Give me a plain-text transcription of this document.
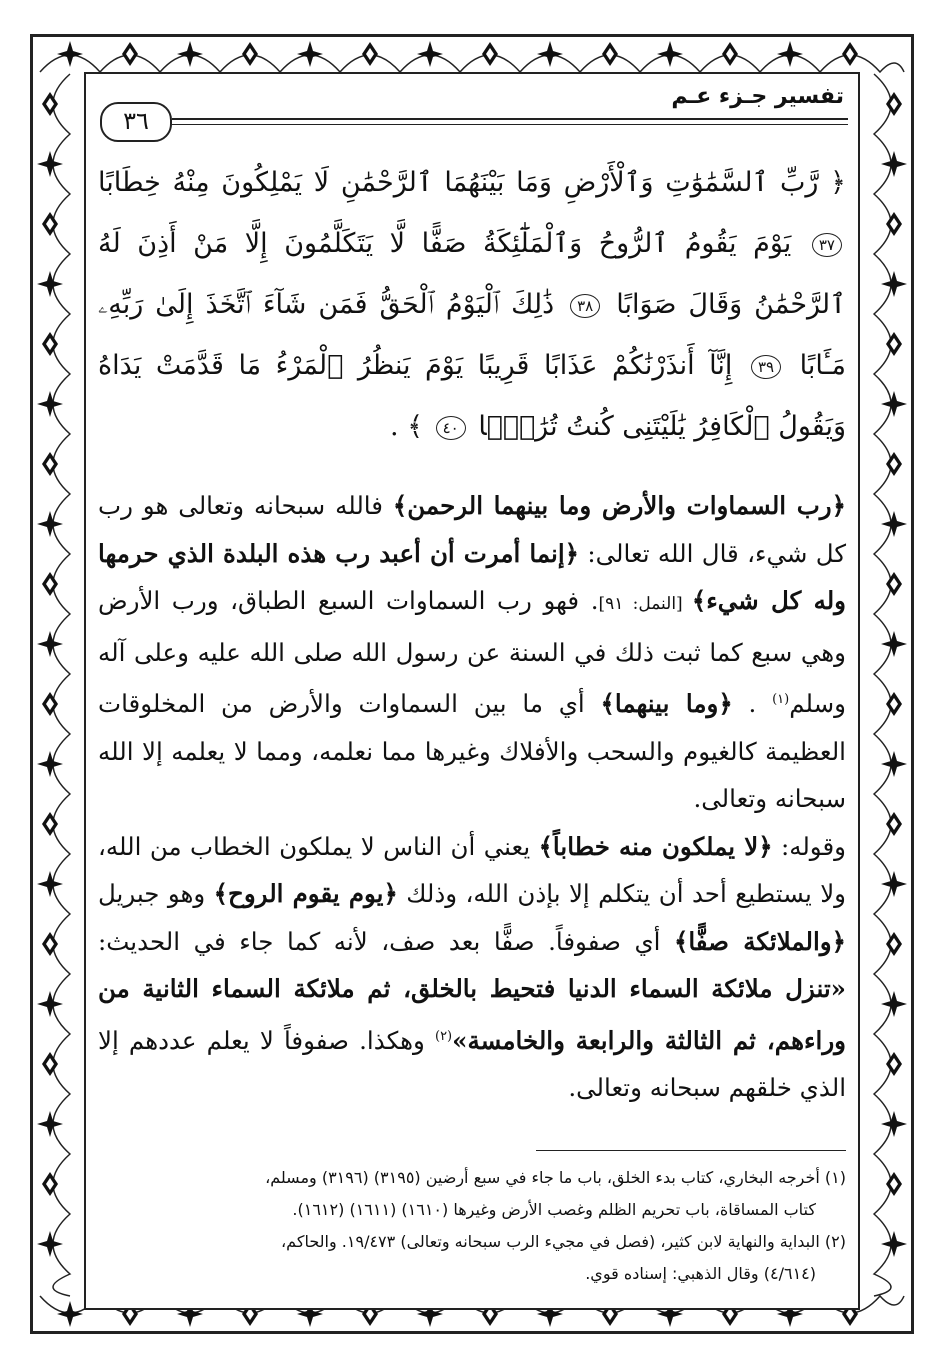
تفسير جـزء عـم
٣٦

﴿ رَّبِّ ٱلسَّمَٰوَٰتِ وَٱلْأَرْضِ وَمَا بَيْنَهُمَا ٱلرَّحْمَٰنِ لَا يَمْلِكُونَ مِنْهُ خِطَابًا ٣٧ يَوْمَ يَقُومُ ٱلرُّوحُ وَٱلْمَلَٰٓئِكَةُ صَفًّا لَّا يَتَكَلَّمُونَ إِلَّا مَنْ أَذِنَ لَهُ ٱلرَّحْمَٰنُ وَقَالَ صَوَابًا ٣٨ ذَٰلِكَ ٱلْيَوْمُ ٱلْحَقُّ فَمَن شَآءَ ٱتَّخَذَ إِلَىٰ رَبِّهِۦ مَـَٔابًا ٣٩ إِنَّآ أَنذَرْنَٰكُمْ عَذَابًا قَرِيبًا يَوْمَ يَنظُرُ ٱلْمَرْءُ مَا قَدَّمَتْ يَدَاهُ وَيَقُولُ ٱلْكَافِرُ يَٰلَيْتَنِى كُنتُ تُرَٰبًۢا ٤٠ ﴾ .

﴿رب السماوات والأرض وما بينهما الرحمن﴾ فالله سبحانه وتعالى هو رب كل شيء، قال الله تعالى: ﴿إنما أمرت أن أعبد رب هذه البلدة الذي حرمها وله كل شيء﴾ [النمل: ٩١]. فهو رب السماوات السبع الطباق، ورب الأرض وهي سبع كما ثبت ذلك في السنة عن رسول الله صلى الله عليه وعلى آله وسلم$^{(١)}$ . ﴿وما بينهما﴾ أي ما بين السماوات والأرض من المخلوقات العظيمة كالغيوم والسحب والأفلاك وغيرها مما نعلمه، ومما لا يعلمه إلا الله سبحانه وتعالى.

وقوله: ﴿لا يملكون منه خطاباً﴾ يعني أن الناس لا يملكون الخطاب من الله، ولا يستطيع أحد أن يتكلم إلا بإذن الله، وذلك ﴿يوم يقوم الروح﴾ وهو جبريل ﴿والملائكة صفًّا﴾ أي صفوفاً. صفًّا بعد صف، لأنه كما جاء في الحديث: «تنزل ملائكة السماء الدنيا فتحيط بالخلق، ثم ملائكة السماء الثانية من وراءهم، ثم الثالثة والرابعة والخامسة»$^{(٢)}$ وهكذا. صفوفاً لا يعلم عددهم إلا الذي خلقهم سبحانه وتعالى.

(١) أخرجه البخاري، كتاب بدء الخلق، باب ما جاء في سبع أرضين (٣١٩٥) (٣١٩٦) ومسلم،

كتاب المساقاة، باب تحريم الظلم وغصب الأرض وغيرها (١٦١٠) (١٦١١) (١٦١٢).

(٢) البداية والنهاية لابن كثير، (فصل في مجيء الرب سبحانه وتعالى) ١٩/٤٧٣. والحاكم،

(٤/٦١٤) وقال الذهبي: إسناده قوي.
